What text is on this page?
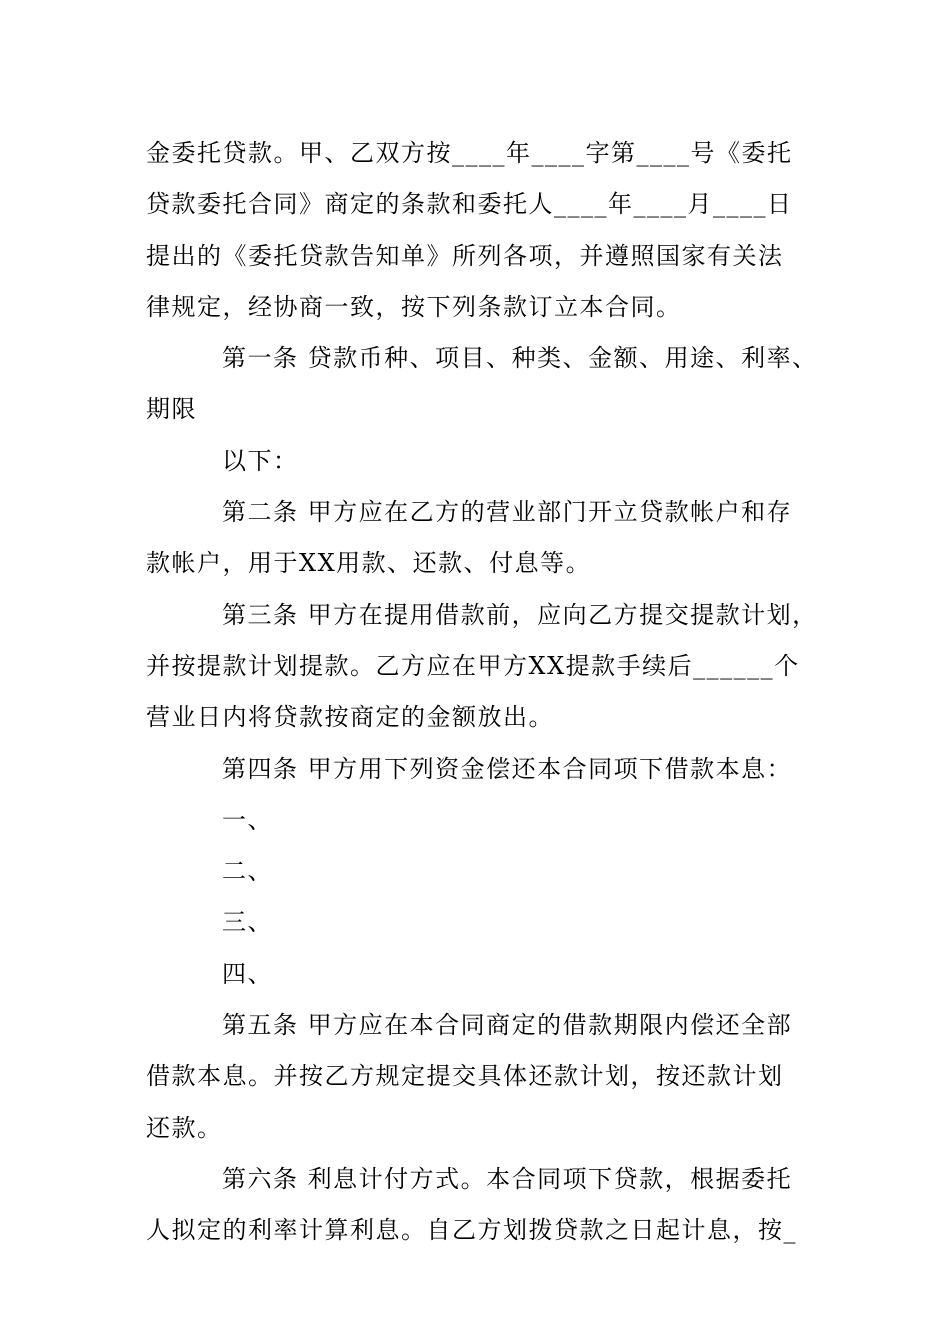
金委托贷款。甲、乙双方按____年____字第____号《委托
贷款委托合同》商定的条款和委托人____年____月____日
提出的《委托贷款告知单》所列各项，并遵照国家有关法
律规定，经协商一致，按下列条款订立本合同。
第一条 贷款币种、项目、种类、金额、用途、利率、
期限
以下：
第二条 甲方应在乙方的营业部门开立贷款帐户和存
款帐户，用于XX用款、还款、付息等。
第三条 甲方在提用借款前，应向乙方提交提款计划，
并按提款计划提款。乙方应在甲方XX提款手续后______个
营业日内将贷款按商定的金额放出。
第四条 甲方用下列资金偿还本合同项下借款本息：
一、
二、
三、
四、
第五条 甲方应在本合同商定的借款期限内偿还全部
借款本息。并按乙方规定提交具体还款计划，按还款计划
还款。
第六条 利息计付方式。本合同项下贷款，根据委托
人拟定的利率计算利息。自乙方划拨贷款之日起计息，按_
